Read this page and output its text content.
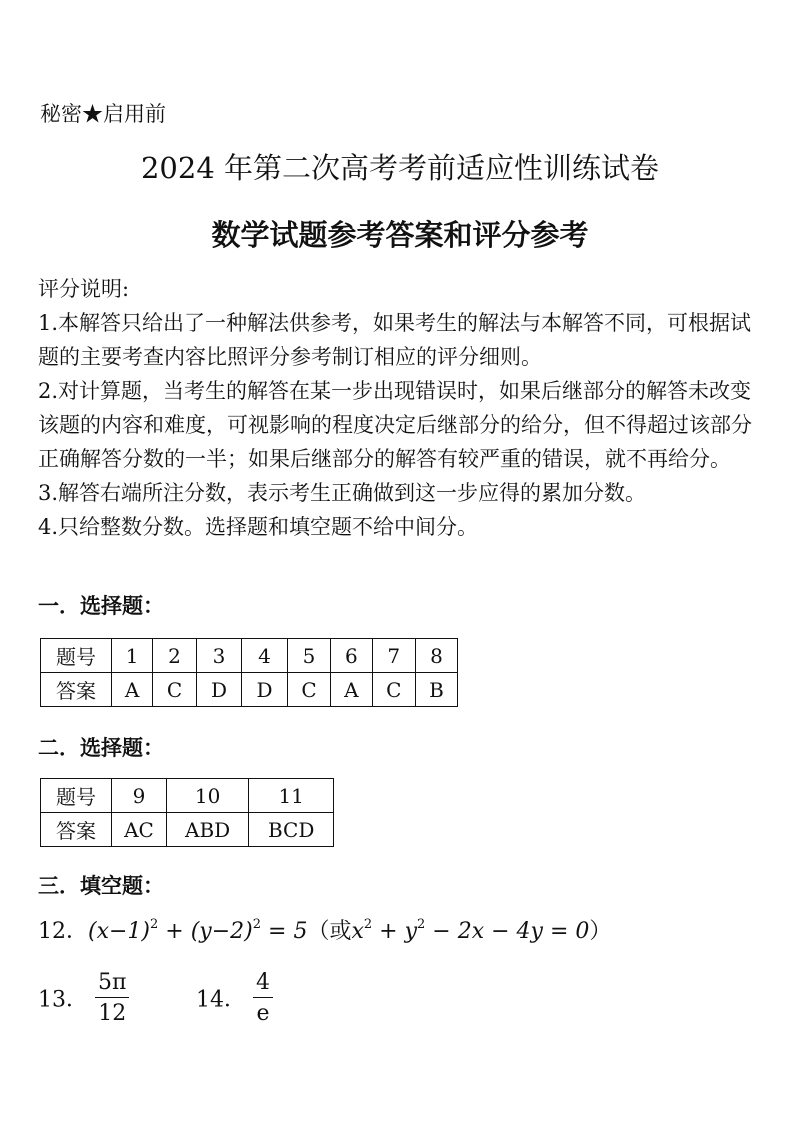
秘密★启用前
2024 年第二次高考考前适应性训练试卷
数学试题参考答案和评分参考

评分说明:

1.本解答只给出了一种解法供参考，如果考生的解法与本解答不同，可根据试题的主要考查内容比照评分参考制订相应的评分细则。

2.对计算题，当考生的解答在某一步出现错误时，如果后继部分的解答未改变该题的内容和难度，可视影响的程度决定后继部分的给分，但不得超过该部分正确解答分数的一半；如果后继部分的解答有较严重的错误，就不再给分。

3.解答右端所注分数，表示考生正确做到这一步应得的累加分数。

4.只给整数分数。选择题和填空题不给中间分。

一．选择题：
题号	1	2	3	4	5	6	7	8
答案	A	C	D	D	C	A	C	B
二．选择题：
题号	9	10	11
答案	AC	ABD	BCD
三．填空题：
12．$(x-1)^2 + (y-2)^2 = 5$（或$x^2 + y^2 - 2x - 4y = 0$）
13． $\frac{5\pi}{12}$	14． $\frac{4}{e}$
